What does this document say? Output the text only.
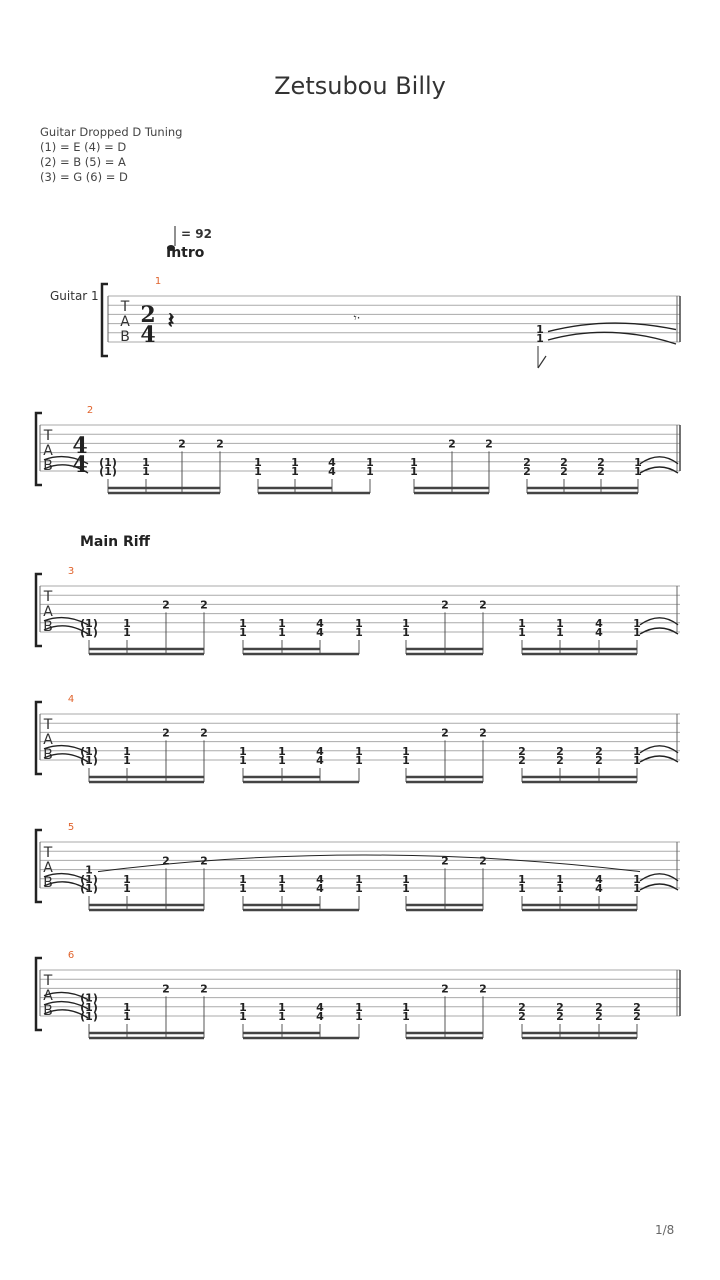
Zetsubou Billy
Guitar Dropped D Tuning
(1) = E (4) = D
(2) = B (5) = A
(3) = G (6) = D
= 92
Intro
Guitar 1
Main Riff
T
A
B
1
2
4
𝄽	𝄾·
1
1
T
A
B
2
4
4 (1)
(1)
1
1
2	2
1
1
1
1
4
4
1
1
1
1
2	2
2
2
2
2
2
2
1
1
T
A
B
3
(1)
(1)
1
1
2	2
1
1
1
1
4
4
1
1
1
1
2	2
1
1
1
1
4
4
1
1
T
A
B
4
(1)
(1)
1
1
2	2
1
1
1
1
4
4
1
1
1
1
2	2
2
2
2
2
2
2
1
1
T
A
B
5
1
(1)
(1)
1
1
2	2
1
1
1
1
4
4
1
1
1
1
2	2
1
1
1
1
4
4
1
1
T
A
B
6
(1)
(1)
(1)
1
1
2	2
1
1
1
1
4
4
1
1
1
1
2	2
2
2
2
2
2
2
2
2
1/8
